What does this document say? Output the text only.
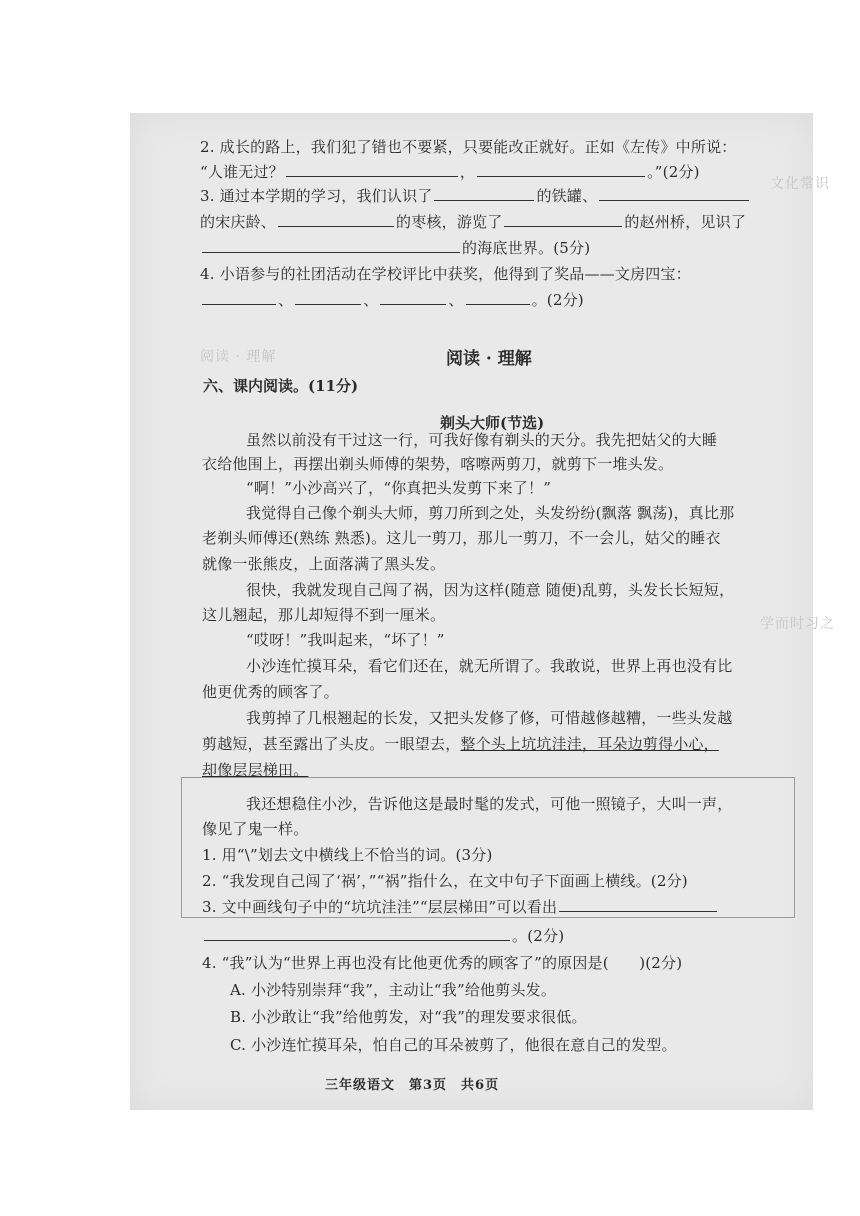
文化常识
阅读 · 理解
学而时习之
2. 成长的路上，我们犯了错也不要紧，只要能改正就好。正如《左传》中所说：
“人谁无过？	，	。”(2分)
3. 通过本学期的学习，我们认识了	的铁罐、
的宋庆龄、	的枣核，游览了	的赵州桥，见识了
的海底世界。(5分)
4. 小语参与的社团活动在学校评比中获奖，他得到了奖品——文房四宝：
、	、	、	。(2分)
阅读 · 理解
六、课内阅读。(11分)
剃头大师(节选)
虽然以前没有干过这一行，可我好像有剃头的天分。我先把姑父的大睡
衣给他围上，再摆出剃头师傅的架势，喀嚓两剪刀，就剪下一堆头发。
“啊！”小沙高兴了，“你真把头发剪下来了！”
我觉得自己像个剃头大师，剪刀所到之处，头发纷纷(飘落 飘荡)，真比那
老剃头师傅还(熟练 熟悉)。这儿一剪刀，那儿一剪刀，不一会儿，姑父的睡衣
就像一张熊皮，上面落满了黑头发。
很快，我就发现自己闯了祸，因为这样(随意 随便)乱剪，头发长长短短，
这儿翘起，那儿却短得不到一厘米。
“哎呀！”我叫起来，“坏了！”
小沙连忙摸耳朵，看它们还在，就无所谓了。我敢说，世界上再也没有比
他更优秀的顾客了。
我剪掉了几根翘起的长发，又把头发修了修，可惜越修越糟，一些头发越
剪越短，甚至露出了头皮。一眼望去，整个头上坑坑洼洼，耳朵边剪得小心，
却像层层梯田。
我还想稳住小沙，告诉他这是最时髦的发式，可他一照镜子，大叫一声，
像见了鬼一样。
1. 用“\”划去文中横线上不恰当的词。(3分)
2. “我发现自己闯了‘祸’，”“祸”指什么，在文中句子下面画上横线。(2分)
3. 文中画线句子中的“坑坑洼洼”“层层梯田”可以看出
。(2分)
4. “我”认为“世界上再也没有比他更优秀的顾客了”的原因是(　　)(2分)
A. 小沙特别崇拜“我”，主动让“我”给他剪头发。
B. 小沙敢让“我”给他剪发，对“我”的理发要求很低。
C. 小沙连忙摸耳朵，怕自己的耳朵被剪了，他很在意自己的发型。
三年级语文　第3页　共6页
